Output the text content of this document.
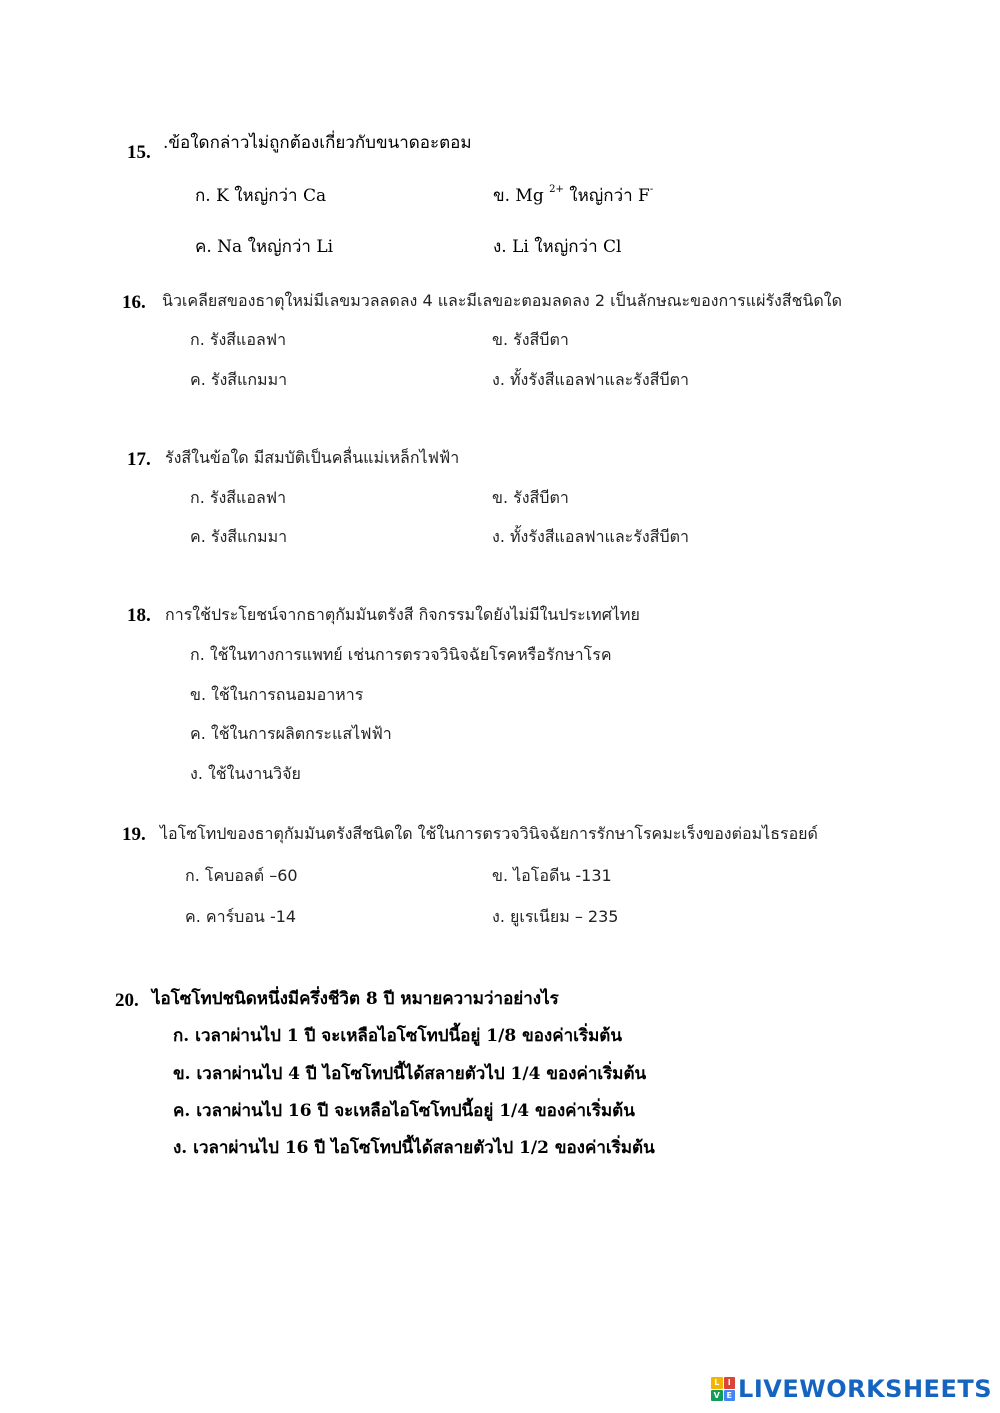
15. .ข้อใดกล่าวไม่ถูกต้องเกี่ยวกับขนาดอะตอม
ก. K ใหญ่กว่า Ca	ข. Mg $^{2+}$ ใหญ่กว่า F-
ค. Na ใหญ่กว่า Li	ง. Li ใหญ่กว่า Cl
16. นิวเคลียสของธาตุใหม่มีเลขมวลลดลง 4 และมีเลขอะตอมลดลง 2 เป็นลักษณะของการแผ่รังสีชนิดใด
ก. รังสีแอลฟา	ข. รังสีบีตา
ค. รังสีแกมมา	ง. ทั้งรังสีแอลฟาและรังสีบีตา
17. รังสีในข้อใด มีสมบัติเป็นคลื่นแม่เหล็กไฟฟ้า
ก. รังสีแอลฟา	ข. รังสีบีตา
ค. รังสีแกมมา	ง. ทั้งรังสีแอลฟาและรังสีบีตา
18. การใช้ประโยชน์จากธาตุกัมมันตรังสี กิจกรรมใดยังไม่มีในประเทศไทย
ก. ใช้ในทางการแพทย์ เช่นการตรวจวินิจฉัยโรคหรือรักษาโรค
ข. ใช้ในการถนอมอาหาร
ค. ใช้ในการผลิตกระแสไฟฟ้า
ง. ใช้ในงานวิจัย
19. ไอโซโทปของธาตุกัมมันตรังสีชนิดใด ใช้ในการตรวจวินิจฉัยการรักษาโรคมะเร็งของต่อมไธรอยด์
ก. โคบอลต์ –60	ข. ไอโอดีน -131
ค. คาร์บอน -14	ง. ยูเรเนียม – 235
20. ไอโซโทปชนิดหนึ่งมีครึ่งชีวิต 8 ปี หมายความว่าอย่างไร
ก. เวลาผ่านไป 1 ปี จะเหลือไอโซโทปนี้อยู่ 1/8 ของค่าเริ่มต้น
ข. เวลาผ่านไป 4 ปี ไอโซโทปนี้ได้สลายตัวไป 1/4 ของค่าเริ่มต้น
ค. เวลาผ่านไป 16 ปี จะเหลือไอโซโทปนี้อยู่ 1/4 ของค่าเริ่มต้น
ง. เวลาผ่านไป 16 ปี ไอโซโทปนี้ได้สลายตัวไป 1/2 ของค่าเริ่มต้น
L	I
V E LIVEWORKSHEETS
